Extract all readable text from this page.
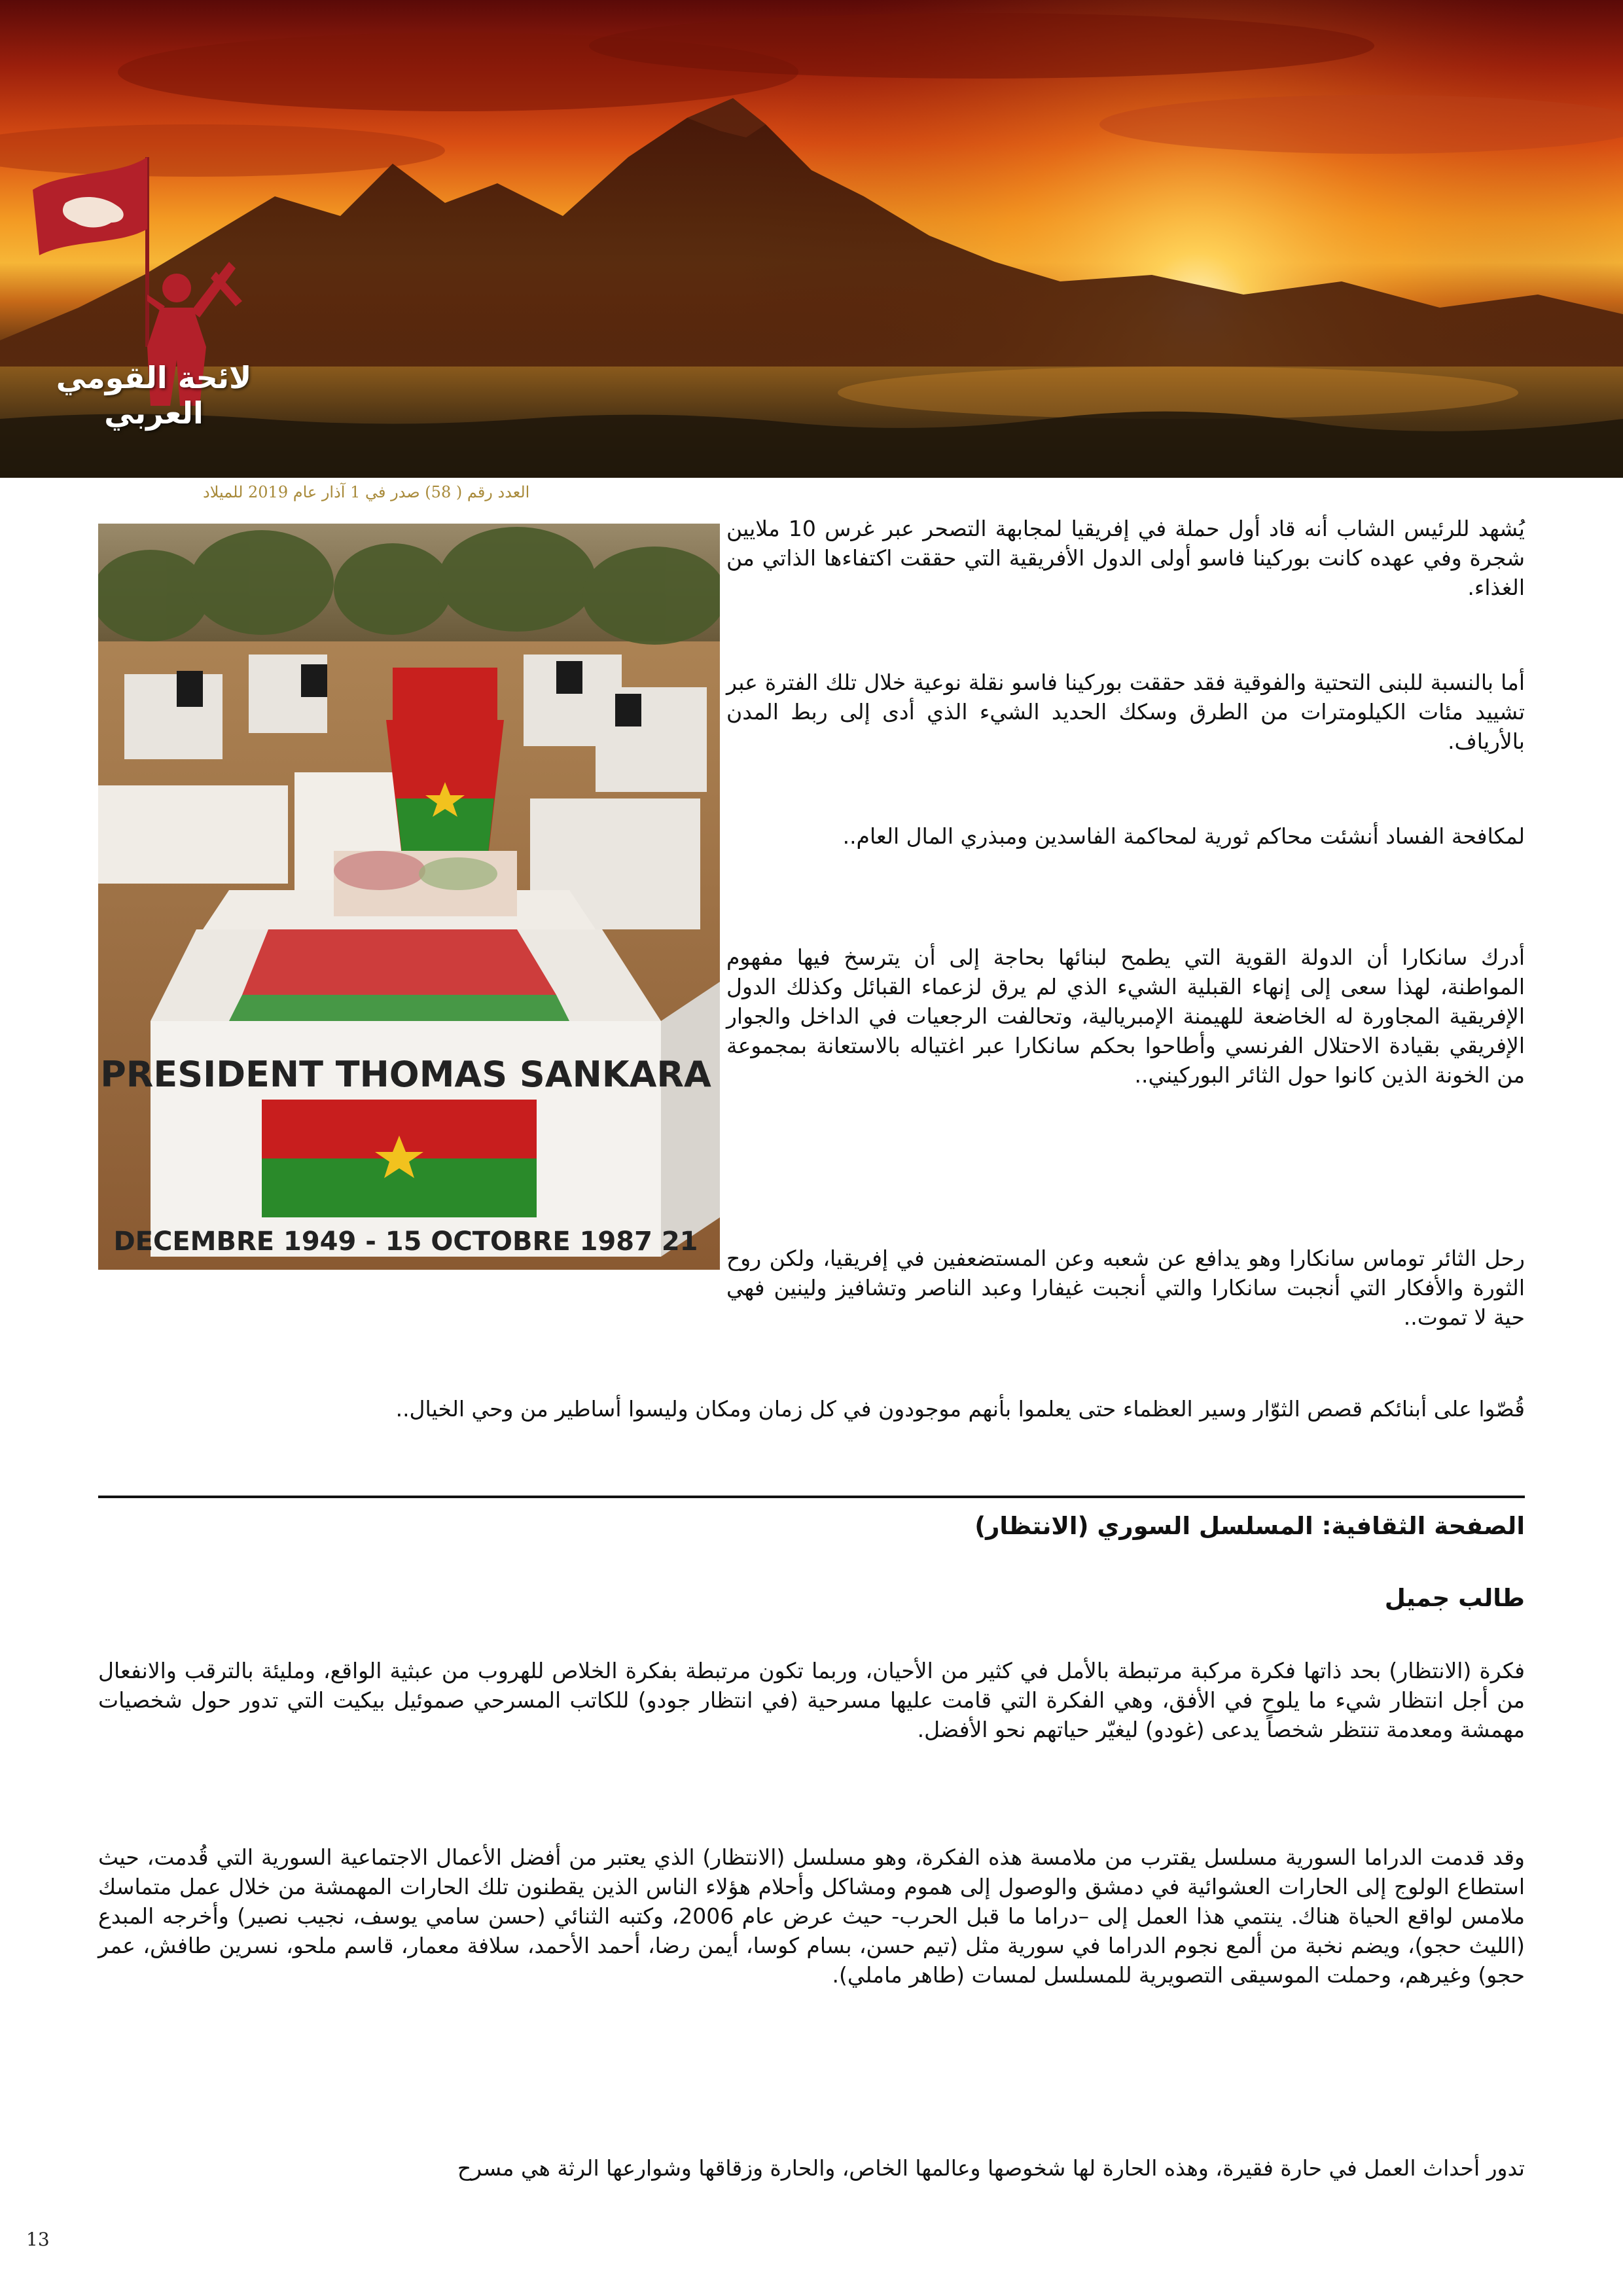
لائحة القومي العربي
العدد رقم ( 58) صدر في 1 آذار عام 2019 للميلاد
PRESIDENT THOMAS SANKARA
21 DECEMBRE 1949 - 15 OCTOBRE 1987

يُشهد للرئيس الشاب أنه قاد أول حملة في إفريقيا لمجابهة التصحر عبر غرس 10 ملايين شجرة وفي عهده كانت بوركينا فاسو أولى الدول الأفريقية التي حققت اكتفاءها الذاتي من الغذاء.

أما بالنسبة للبنى التحتية والفوقية فقد حققت بوركينا فاسو نقلة نوعية خلال تلك الفترة عبر تشييد مئات الكيلومترات من الطرق وسكك الحديد الشيء الذي أدى إلى ربط المدن بالأرياف.

لمكافحة الفساد أنشئت محاكم ثورية لمحاكمة الفاسدين ومبذري المال العام..

أدرك سانكارا أن الدولة القوية التي يطمح لبنائها بحاجة إلى أن يترسخ فيها مفهوم المواطنة، لهذا سعى إلى إنهاء القبلية الشيء الذي لم يرق لزعماء القبائل وكذلك الدول الإفريقية المجاورة له الخاضعة للهيمنة الإمبريالية، وتحالفت الرجعيات في الداخل والجوار الإفريقي بقيادة الاحتلال الفرنسي وأطاحوا بحكم سانكارا عبر اغتياله بالاستعانة بمجموعة من الخونة الذين كانوا حول الثائر البوركيني..

رحل الثائر توماس سانكارا وهو يدافع عن شعبه وعن المستضعفين في إفريقيا، ولكن روح الثورة والأفكار التي أنجبت سانكارا والتي أنجبت غيفارا وعبد الناصر وتشافيز ولينين فهي حية لا تموت..

قُصّوا على أبنائكم قصص الثوّار وسير العظماء حتى يعلموا بأنهم موجودون في كل زمان ومكان وليسوا أساطير من وحي الخيال..

الصفحة الثقافية: المسلسل السوري (الانتظار)
طالب جميل

فكرة (الانتظار) بحد ذاتها فكرة مركبة مرتبطة بالأمل في كثير من الأحيان، وربما تكون مرتبطة بفكرة الخلاص للهروب من عبثية الواقع، ومليئة بالترقب والانفعال من أجل انتظار شيء ما يلوح في الأفق، وهي الفكرة التي قامت عليها مسرحية (في انتظار جودو) للكاتب المسرحي صموئيل بيكيت التي تدور حول شخصيات مهمشة ومعدمة تنتظر شخصاً يدعى (غودو) ليغيّر حياتهم نحو الأفضل.

وقد قدمت الدراما السورية مسلسل يقترب من ملامسة هذه الفكرة، وهو مسلسل (الانتظار) الذي يعتبر من أفضل الأعمال الاجتماعية السورية التي قُدمت، حيث استطاع الولوج إلى الحارات العشوائية في دمشق والوصول إلى هموم ومشاكل وأحلام هؤلاء الناس الذين يقطنون تلك الحارات المهمشة من خلال عمل متماسك ملامس لواقع الحياة هناك. ينتمي هذا العمل إلى –دراما ما قبل الحرب- حيث عرض عام 2006، وكتبه الثنائي (حسن سامي يوسف، نجيب نصير) وأخرجه المبدع (الليث حجو)، ويضم نخبة من ألمع نجوم الدراما في سورية مثل (تيم حسن، بسام كوسا، أيمن رضا، أحمد الأحمد، سلافة معمار، قاسم ملحو، نسرين طافش، عمر حجو) وغيرهم، وحملت الموسيقى التصويرية للمسلسل لمسات (طاهر ماملي).

تدور أحداث العمل في حارة فقيرة، وهذه الحارة لها شخوصها وعالمها الخاص، والحارة وزقاقها وشوارعها الرثة هي مسرح

13
